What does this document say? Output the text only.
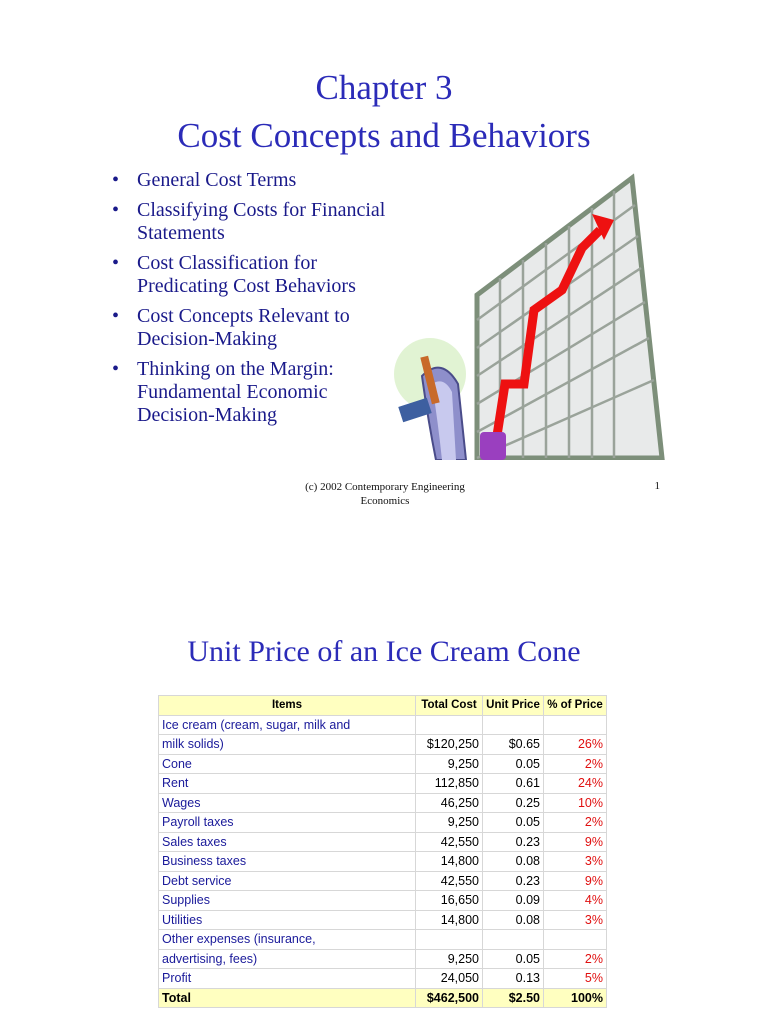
Chapter 3
Cost Concepts and Behaviors
• General Cost Terms
• Classifying Costs for Financial Statements
• Cost Classification for Predicating Cost Behaviors
• Cost Concepts Relevant to Decision-Making
• Thinking on the Margin: Fundamental Economic Decision-Making
(c) 2002 Contemporary Engineering
Economics
1
Unit Price of an Ice Cream Cone
Items	Total Cost	Unit Price	% of Price
Ice cream (cream, sugar, milk and			
milk solids)	$120,250	$0.65	26%
Cone	9,250	0.05	2%
Rent	112,850	0.61	24%
Wages	46,250	0.25	10%
Payroll taxes	9,250	0.05	2%
Sales taxes	42,550	0.23	9%
Business taxes	14,800	0.08	3%
Debt service	42,550	0.23	9%
Supplies	16,650	0.09	4%
Utilities	14,800	0.08	3%
Other expenses (insurance,			
advertising, fees)	9,250	0.05	2%
Profit	24,050	0.13	5%
Total	$462,500	$2.50	100%
